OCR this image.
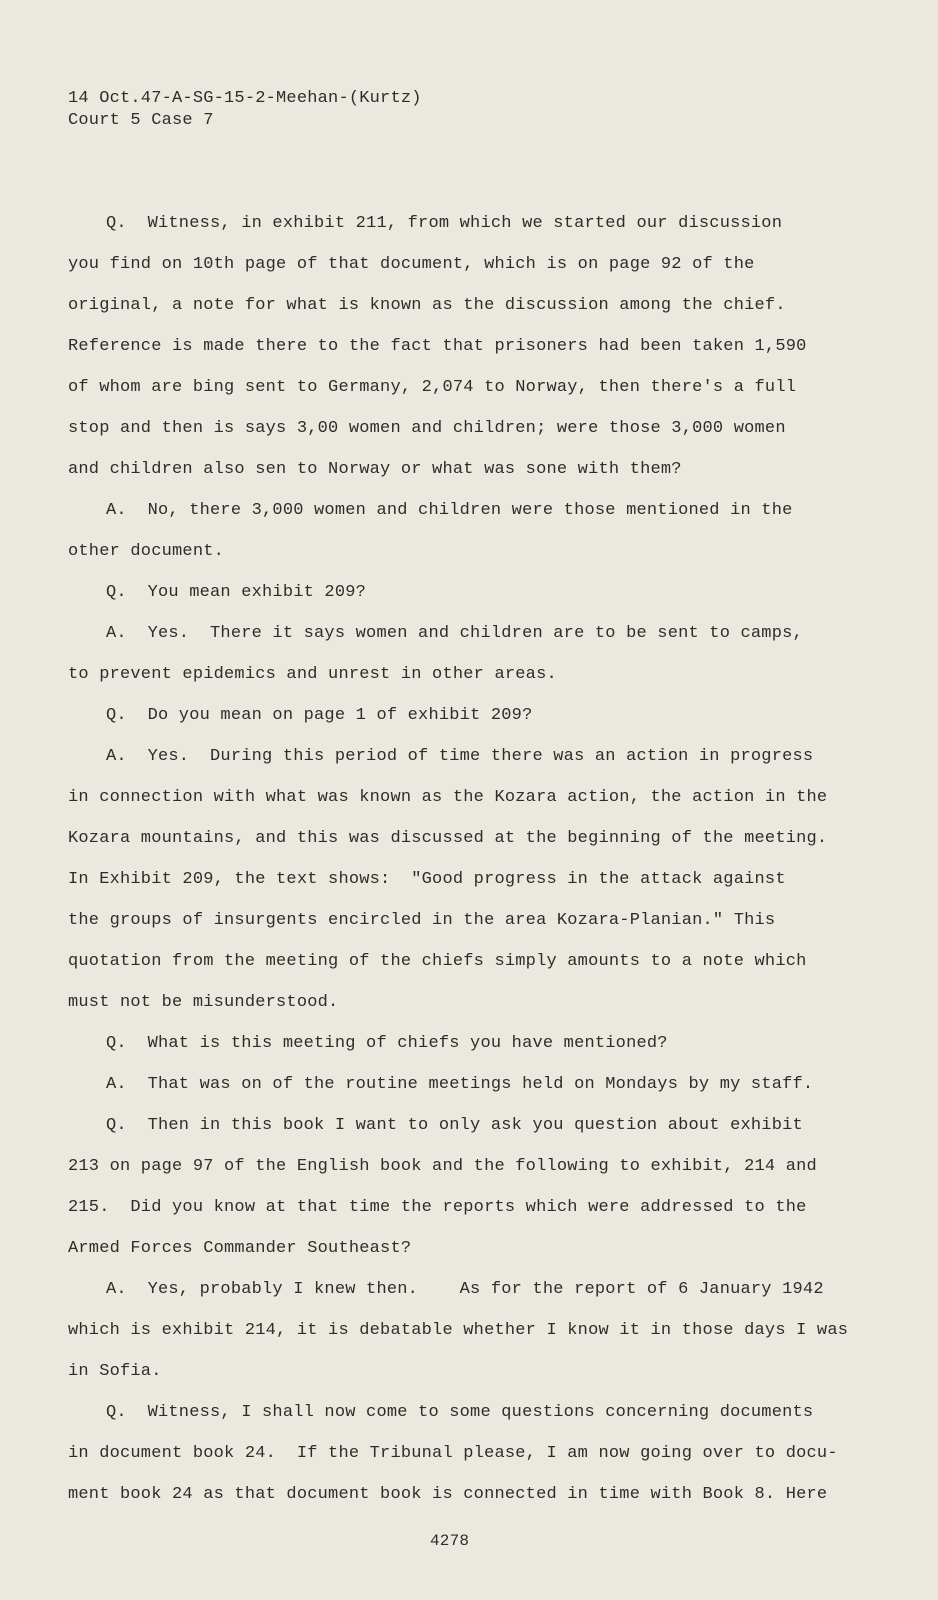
14 Oct.47-A-SG-15-2-Meehan-(Kurtz)
Court 5 Case 7
Q.  Witness, in exhibit 211, from which we started our discussion
you find on 10th page of that document, which is on page 92 of the
original, a note for what is known as the discussion among the chief.
Reference is made there to the fact that prisoners had been taken 1,590
of whom are bing sent to Germany, 2,074 to Norway, then there's a full
stop and then is says 3,00 women and children; were those 3,000 women
and children also sen to Norway or what was sone with them?
A.  No, there 3,000 women and children were those mentioned in the
other document.
Q.  You mean exhibit 209?
A.  Yes.  There it says women and children are to be sent to camps,
to prevent epidemics and unrest in other areas.
Q.  Do you mean on page 1 of exhibit 209?
A.  Yes.  During this period of time there was an action in progress
in connection with what was known as the Kozara action, the action in the
Kozara mountains, and this was discussed at the beginning of the meeting.
In Exhibit 209, the text shows:  "Good progress in the attack against
the groups of insurgents encircled in the area Kozara-Planian." This
quotation from the meeting of the chiefs simply amounts to a note which
must not be misunderstood.
Q.  What is this meeting of chiefs you have mentioned?
A.  That was on of the routine meetings held on Mondays by my staff.
Q.  Then in this book I want to only ask you question about exhibit
213 on page 97 of the English book and the following to exhibit, 214 and
215.  Did you know at that time the reports which were addressed to the
Armed Forces Commander Southeast?
A.  Yes, probably I knew then.    As for the report of 6 January 1942
which is exhibit 214, it is debatable whether I know it in those days I was
in Sofia.
Q.  Witness, I shall now come to some questions concerning documents
in document book 24.  If the Tribunal please, I am now going over to docu-
ment book 24 as that document book is connected in time with Book 8. Here
4278
